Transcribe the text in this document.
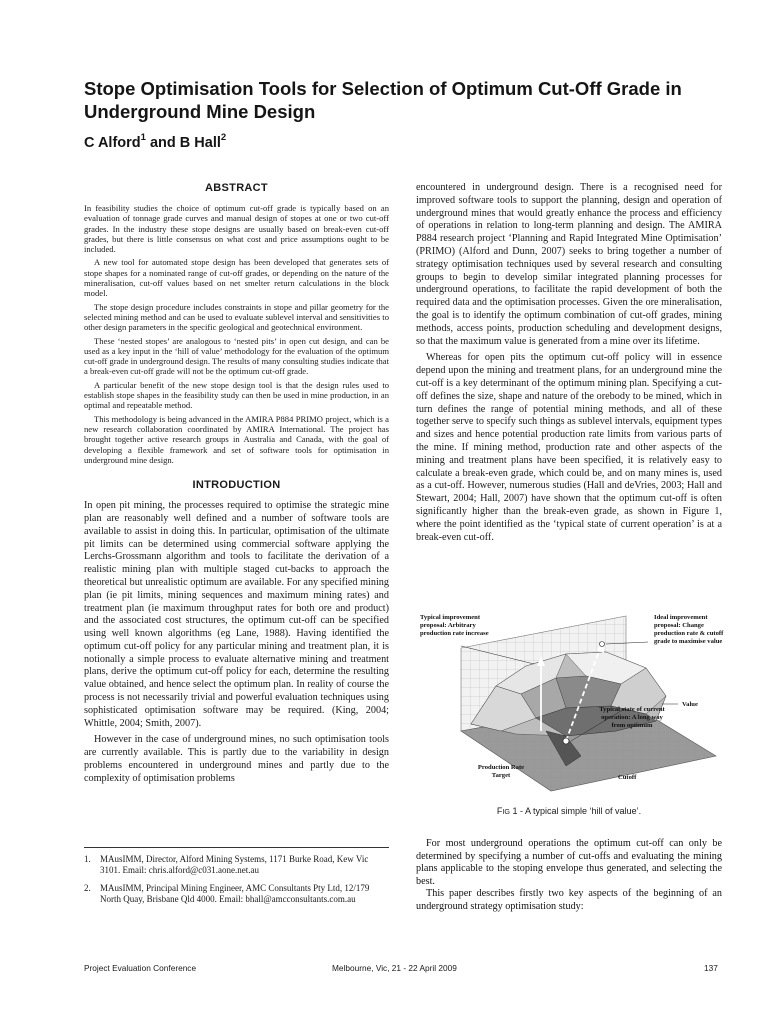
Stope Optimisation Tools for Selection of Optimum Cut-Off Grade in Underground Mine Design

C Alford$^1$ and B Hall$^2$

ABSTRACT

In feasibility studies the choice of optimum cut-off grade is typically based on an evaluation of tonnage grade curves and manual design of stopes at one or two cut-off grades. In the industry these stope designs are usually based on break-even cut-off grades, but there is little consensus on what cost and price assumptions ought to be included.

A new tool for automated stope design has been developed that generates sets of stope shapes for a nominated range of cut-off grades, or depending on the nature of the mineralisation, cut-off values based on net smelter return calculations in the block model.

The stope design procedure includes constraints in stope and pillar geometry for the selected mining method and can be used to evaluate sublevel interval and sensitivities to other design parameters in the specific geological and geotechnical environment.

These ‘nested stopes’ are analogous to ‘nested pits’ in open cut design, and can be used as a key input in the ‘hill of value’ methodology for the evaluation of the optimum cut-off grade in underground design. The results of many consulting studies indicate that a break-even cut-off grade will not be the optimum cut-off grade.

A particular benefit of the new stope design tool is that the design rules used to establish stope shapes in the feasibility study can then be used in mine production, in an optimal and repeatable method.

This methodology is being advanced in the AMIRA P884 PRIMO project, which is a new research collaboration coordinated by AMIRA International. The project has brought together active research groups in Australia and Canada, with the goal of developing a flexible framework and set of software tools for optimisation in underground mine design.

INTRODUCTION

In open pit mining, the processes required to optimise the strategic mine plan are reasonably well defined and a number of software tools are available to assist in doing this. In particular, optimisation of the ultimate pit limits can be determined using commercial software applying the Lerchs-Grossmann algorithm and tools to facilitate the derivation of a realistic mining plan with multiple staged cut-backs to approach the theoretical but unrealistic optimum are available. For any specified mining plan (ie pit limits, mining sequences and maximum mining rates) and treatment plan (ie maximum throughput rates for both ore and product) and the associated cost structures, the optimum cut-off can be specified using well known algorithms (eg Lane, 1988). Having identified the optimum cut-off policy for any particular mining and treatment plan, it is notionally a simple process to evaluate alternative mining and treatment plans, derive the optimum cut-off policy for each, determine the resulting value obtained, and hence select the optimum plan. In reality of course the process is not necessarily trivial and powerful evaluation techniques using sophisticated optimisation software may be required. (King, 2004; Whittle, 2004; Smith, 2007).

However in the case of underground mines, no such optimisation tools are currently available. This is partly due to the variability in design problems encountered in underground mines and partly due to the complexity of optimisation problems

1. MAusIMM, Director, Alford Mining Systems, 1171 Burke Road, Kew Vic 3101. Email: chris.alford@c031.aone.net.au
2. MAusIMM, Principal Mining Engineer, AMC Consultants Pty Ltd, 12/179 North Quay, Brisbane Qld 4000. Email: bhall@amcconsultants.com.au

encountered in underground design. There is a recognised need for improved software tools to support the planning, design and operation of underground mines that would greatly enhance the process and efficiency of operations in relation to long-term planning and design. The AMIRA P884 research project ‘Planning and Rapid Integrated Mine Optimisation’ (PRIMO) (Alford and Dunn, 2007) seeks to bring together a number of strategy optimisation techniques used by several research and consulting groups to begin to develop similar integrated planning processes for underground operations, to facilitate the rapid development of both the required data and the optimisation processes. Given the ore mineralisation, the goal is to identify the optimum combination of cut-off grades, mining methods, access points, production scheduling and development designs, so that the maximum value is generated from a mine over its lifetime.

Whereas for open pits the optimum cut-off policy will in essence depend upon the mining and treatment plans, for an underground mine the cut-off is a key determinant of the optimum mining plan. Specifying a cut-off defines the size, shape and nature of the orebody to be mined, which in turn defines the range of potential mining methods, and all of these together serve to specify such things as sublevel intervals, equipment types and sizes and hence potential production rate limits from various parts of the mine. If mining method, production rate and other aspects of the mining and treatment plans have been specified, it is relatively easy to calculate a break-even grade, which could be, and on many mines is, used as a cut-off. However, numerous studies (Hall and deVries, 2003; Hall and Stewart, 2004; Hall, 2007) have shown that the optimum cut-off is often significantly higher than the break-even grade, as shown in Figure 1, where the point identified as the ‘typical state of current operation’ is at a break-even cut-off.

Typical improvement proposal: Arbitrary production rate increase
Ideal improvement proposal: Change production rate & cutoff grade to maximise value
Value
Typical state of current operation: A long way from optimum
Production Rate Target	Cutoff
FIG 1 - A typical simple ‘hill of value’.

For most underground operations the optimum cut-off can only be determined by specifying a number of cut-offs and evaluating the mining plans applicable to the stoping envelope thus generated, and selecting the best.

This paper describes firstly two key aspects of the beginning of an underground strategy optimisation study:

Project Evaluation Conference	Melbourne, Vic, 21 - 22 April 2009	137
